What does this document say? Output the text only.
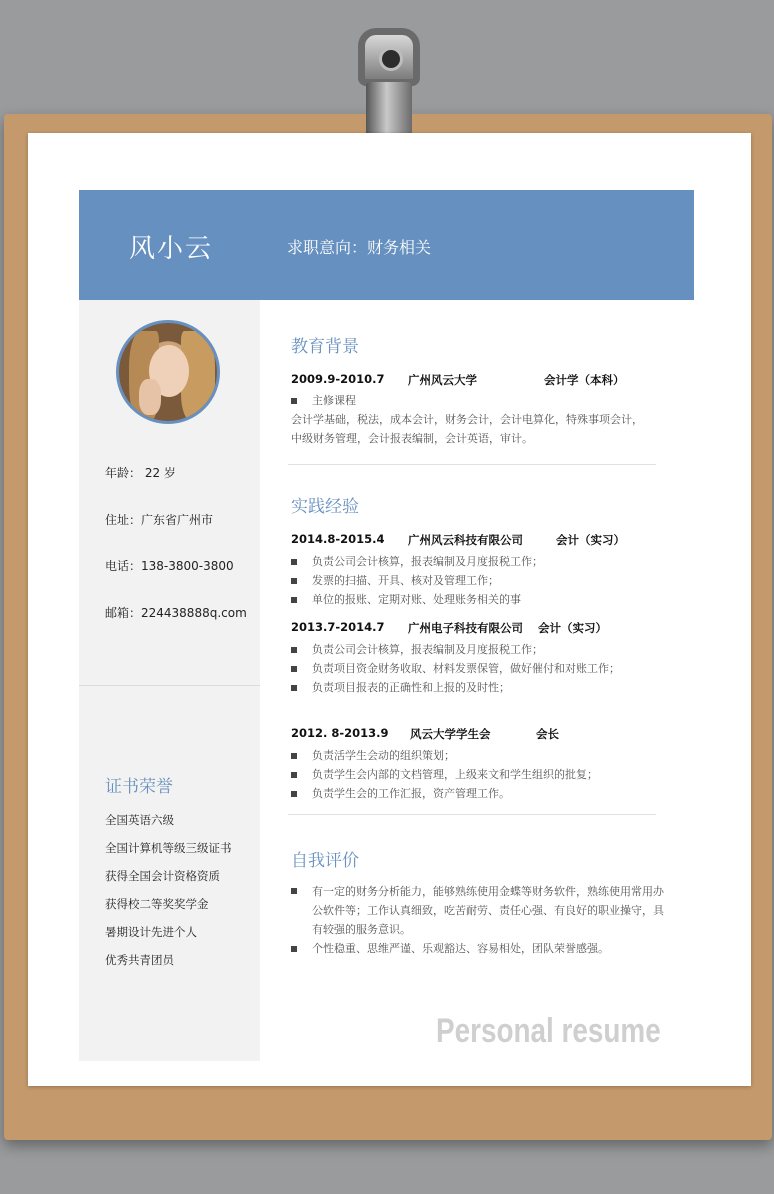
风小云	求职意向：财务相关
年龄： 22 岁
住址：广东省广州市
电话：138-3800-3800
邮箱：224438888q.com
证书荣誉
全国英语六级
全国计算机等级三级证书
获得全国会计资格资质
获得校二等奖奖学金
暑期设计先进个人
优秀共青团员
教育背景
2009.9-2010.7 广州风云大学	会计学（本科）
主修课程
会计学基础，税法，成本会计，财务会计，会计电算化，特殊事项会计，
中级财务管理，会计报表编制，会计英语，审计。
实践经验
2014.8-2015.4 广州风云科技有限公司	会计（实习）
负责公司会计核算，报表编制及月度报税工作；
发票的扫描、开具、核对及管理工作；
单位的报账、定期对账、处理账务相关的事
2013.7-2014.7 广州电子科技有限公司 会计（实习）
负责公司会计核算，报表编制及月度报税工作；
负责项目资金财务收取、材料发票保管，做好催付和对账工作；
负责项目报表的正确性和上报的及时性；
2012. 8-2013.9 风云大学学生会	会长
负责活学生会动的组织策划；
负责学生会内部的文档管理，上级来文和学生组织的批复；
负责学生会的工作汇报，资产管理工作。
自我评价
有一定的财务分析能力，能够熟练使用金蝶等财务软件，熟练使用常用办
公软件等；工作认真细致，吃苦耐劳、责任心强、有良好的职业操守，具
有较强的服务意识。
个性稳重、思维严谨、乐观豁达、容易相处，团队荣誉感强。
Personal resume
